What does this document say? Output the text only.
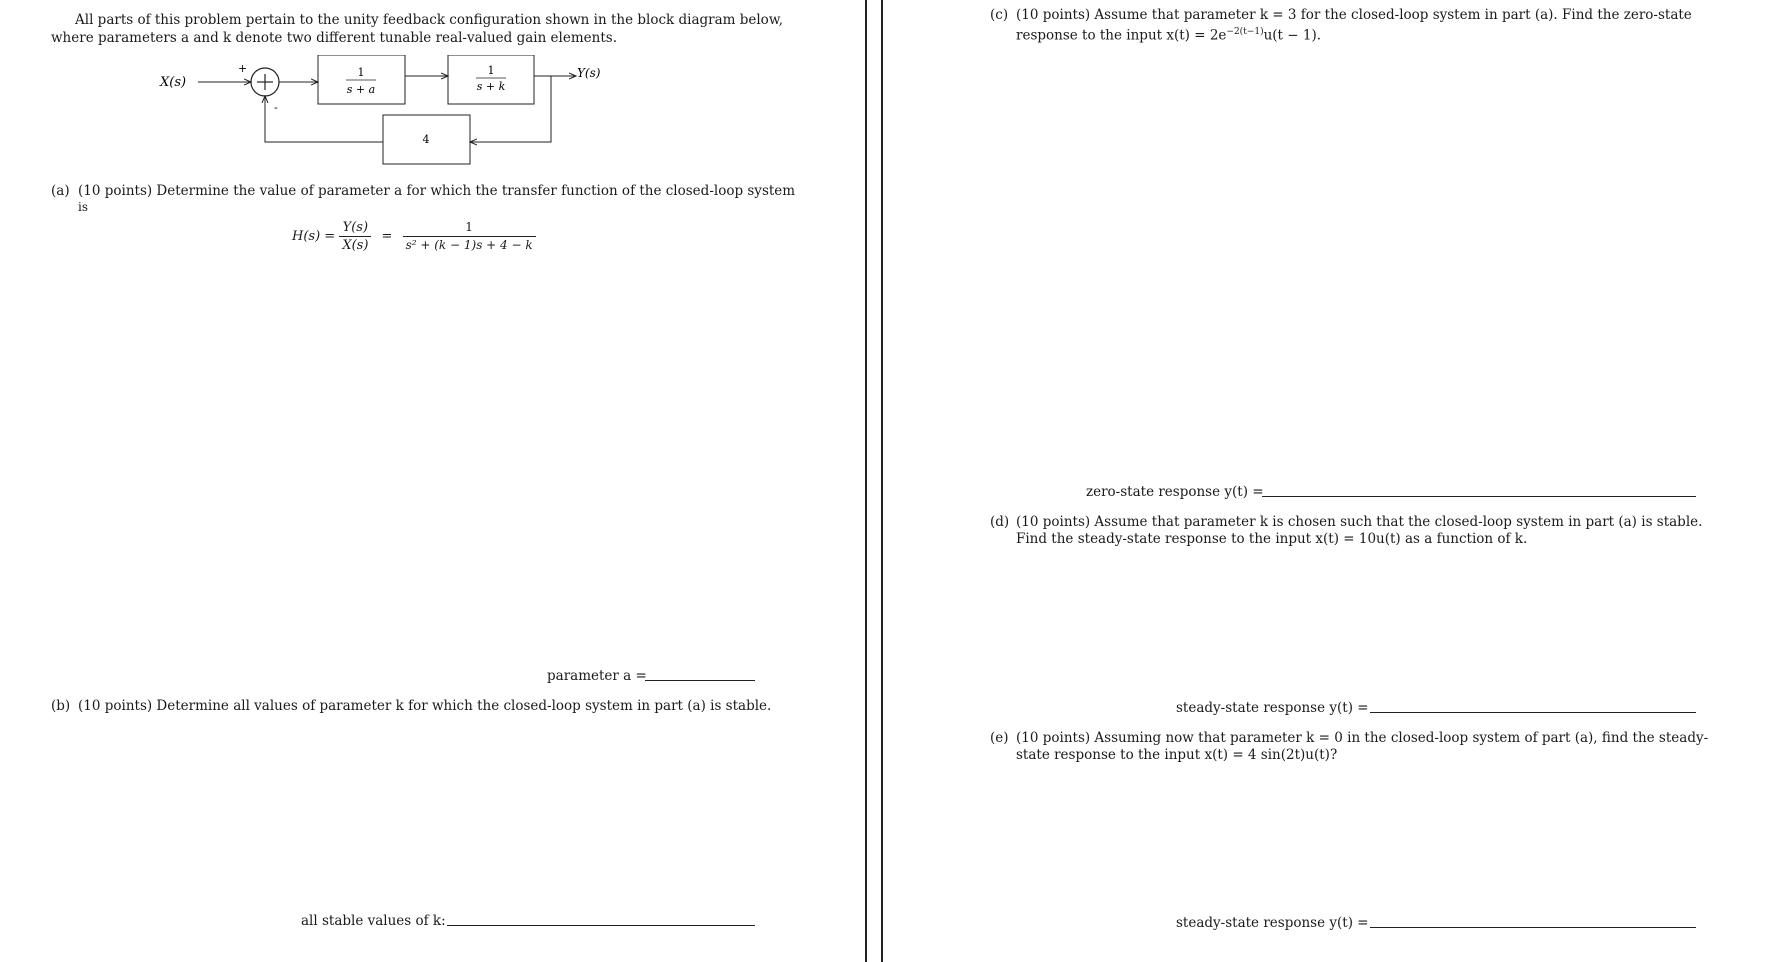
All parts of this problem pertain to the unity feedback configuration shown in the block diagram below,
where parameters a and k denote two different tunable real-valued gain elements.
X(s)
+
-
1
s + a
1
s + k
Y(s)
4
(a) (10 points) Determine the value of parameter a for which the transfer function of the closed-loop system
is
$H(s) = \frac{Y(s)}{X(s)} = \frac{1}{\text{s² + (k − 1)s + 4 − k}}$
parameter a =
(b) (10 points) Determine all values of parameter k for which the closed-loop system in part (a) is stable.
all stable values of k:
(c) (10 points) Assume that parameter k = 3 for the closed-loop system in part (a). Find the zero-state
response to the input $x(t) = 2e^{-2(t-1)}u(t - 1)$.
zero-state response y(t) =
(d) (10 points) Assume that parameter k is chosen such that the closed-loop system in part (a) is stable.
Find the steady-state response to the input x(t) = 10u(t) as a function of k.
steady-state response y(t) =
(e) (10 points) Assuming now that parameter k = 0 in the closed-loop system of part (a), find the steady-
state response to the input x(t) = 4 sin(2t)u(t)?
steady-state response y(t) =
